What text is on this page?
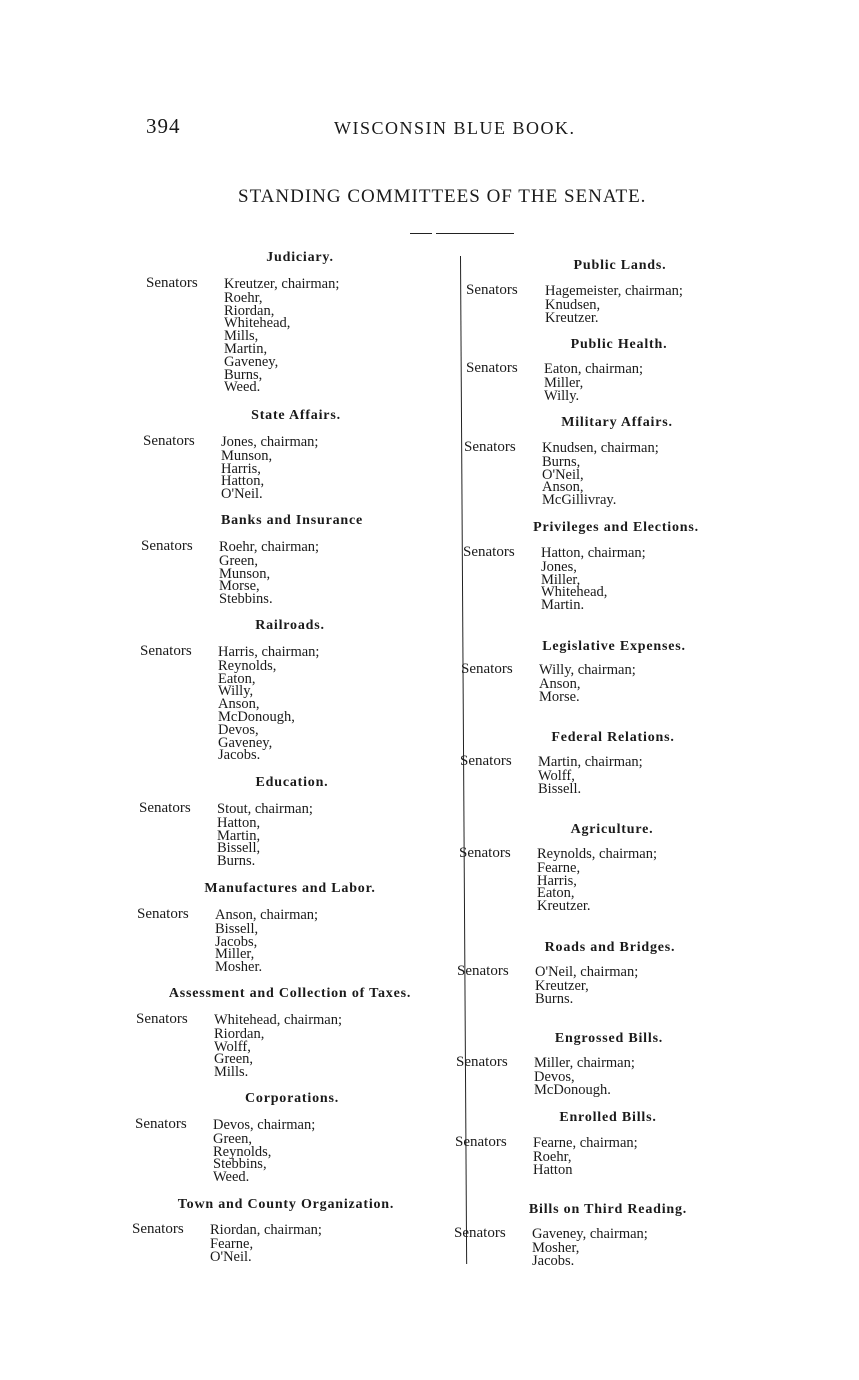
394	WISCONSIN BLUE BOOK.
STANDING COMMITTEES OF THE SENATE.
Judiciary.
Senators Kreutzer, chairman;
Roehr,
Riordan,
Whitehead,
Mills,
Martin,
Gaveney,
Burns,
Weed.
State Affairs.
Senators Jones, chairman;
Munson,
Harris,
Hatton,
O'Neil.
Banks and Insurance
Senators Roehr, chairman;
Green,
Munson,
Morse,
Stebbins.
Railroads.
Senators Harris, chairman;
Reynolds,
Eaton,
Willy,
Anson,
McDonough,
Devos,
Gaveney,
Jacobs.
Education.
Senators Stout, chairman;
Hatton,
Martin,
Bissell,
Burns.
Manufactures and Labor.
Senators Anson, chairman;
Bissell,
Jacobs,
Miller,
Mosher.
Assessment and Collection of Taxes.
Senators Whitehead, chairman;
Riordan,
Wolff,
Green,
Mills.
Corporations.
Senators Devos, chairman;
Green,
Reynolds,
Stebbins,
Weed.
Town and County Organization.
Senators Riordan, chairman;
Fearne,
O'Neil.
Public Lands.
Senators Hagemeister, chairman;
Knudsen,
Kreutzer.
Public Health.
Senators Eaton, chairman;
Miller,
Willy.
Military Affairs.
Senators Knudsen, chairman;
Burns,
O'Neil,
Anson,
McGillivray.
Privileges and Elections.
Senators Hatton, chairman;
Jones,
Miller,
Whitehead,
Martin.
Legislative Expenses.
Senators Willy, chairman;
Anson,
Morse.
Federal Relations.
Senators Martin, chairman;
Wolff,
Bissell.
Agriculture.
Senators Reynolds, chairman;
Fearne,
Harris,
Eaton,
Kreutzer.
Roads and Bridges.
Senators O'Neil, chairman;
Kreutzer,
Burns.
Engrossed Bills.
Senators Miller, chairman;
Devos,
McDonough.
Enrolled Bills.
Senators Fearne, chairman;
Roehr,
Hatton
Bills on Third Reading.
Senators Gaveney, chairman;
Mosher,
Jacobs.
